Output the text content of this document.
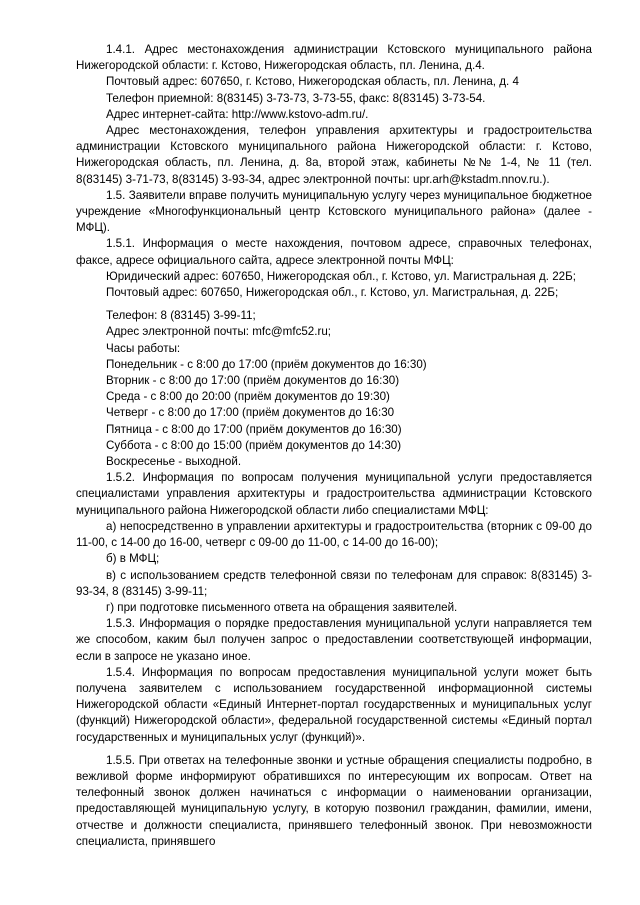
1.4.1. Адрес местонахождения администрации Кстовского муниципального района Нижегородской области: г. Кстово, Нижегородская область, пл. Ленина, д.4.

Почтовый адрес: 607650, г. Кстово, Нижегородская область, пл. Ленина, д. 4

Телефон приемной: 8(83145) 3-73-73, 3-73-55, факс: 8(83145) 3-73-54.

Адрес интернет-сайта: http://www.kstovo-adm.ru/.

Адрес местонахождения, телефон управления архитектуры и градостроительства администрации Кстовского муниципального района Нижегородской области: г. Кстово, Нижегородская область, пл. Ленина, д. 8а, второй этаж, кабинеты №№ 1-4, № 11 (тел. 8(83145) 3-71-73, 8(83145) 3-93-34, адрес электронной почты: upr.arh@kstadm.nnov.ru.).

1.5. Заявители вправе получить муниципальную услугу через муниципальное бюджетное учреждение «Многофункциональный центр Кстовского муниципального района» (далее - МФЦ).

1.5.1. Информация о месте нахождения, почтовом адресе, справочных телефонах, факсе, адресе официального сайта, адресе электронной почты МФЦ:

Юридический адрес: 607650, Нижегородская обл., г. Кстово, ул. Магистральная д. 22Б;

Почтовый адрес: 607650, Нижегородская обл., г. Кстово, ул. Магистральная, д. 22Б;

Телефон: 8 (83145) 3-99-11;

Адрес электронной почты: mfc@mfc52.ru;

Часы работы:

Понедельник - с 8:00 до 17:00 (приём документов до 16:30)

Вторник - с 8:00 до 17:00 (приём документов до 16:30)

Среда - с 8:00 до 20:00 (приём документов до 19:30)

Четверг - с 8:00 до 17:00 (приём документов до 16:30

Пятница - с 8:00 до 17:00 (приём документов до 16:30)

Суббота - с 8:00 до 15:00 (приём документов до 14:30)

Воскресенье - выходной.

1.5.2. Информация по вопросам получения муниципальной услуги предоставляется специалистами управления архитектуры и градостроительства администрации Кстовского муниципального района Нижегородской области либо специалистами МФЦ:

а) непосредственно в управлении архитектуры и градостроительства (вторник с 09-00 до 11-00, с 14-00 до 16-00, четверг с 09-00 до 11-00, с 14-00 до 16-00);

б) в МФЦ;

в) с использованием средств телефонной связи по телефонам для справок: 8(83145) 3-93-34, 8 (83145) 3-99-11;

г) при подготовке письменного ответа на обращения заявителей.

1.5.3. Информация о порядке предоставления муниципальной услуги направляется тем же способом, каким был получен запрос о предоставлении соответствующей информации, если в запросе не указано иное.

1.5.4. Информация по вопросам предоставления муниципальной услуги может быть получена заявителем с использованием государственной информационной системы Нижегородской области «Единый Интернет-портал государственных и муниципальных услуг (функций) Нижегородской области», федеральной государственной системы «Единый портал государственных и муниципальных услуг (функций)».

1.5.5. При ответах на телефонные звонки и устные обращения специалисты подробно, в вежливой форме информируют обратившихся по интересующим их вопросам. Ответ на телефонный звонок должен начинаться с информации о наименовании организации, предоставляющей муниципальную услугу, в которую позвонил гражданин, фамилии, имени, отчестве и должности специалиста, принявшего телефонный звонок. При невозможности специалиста, принявшего
